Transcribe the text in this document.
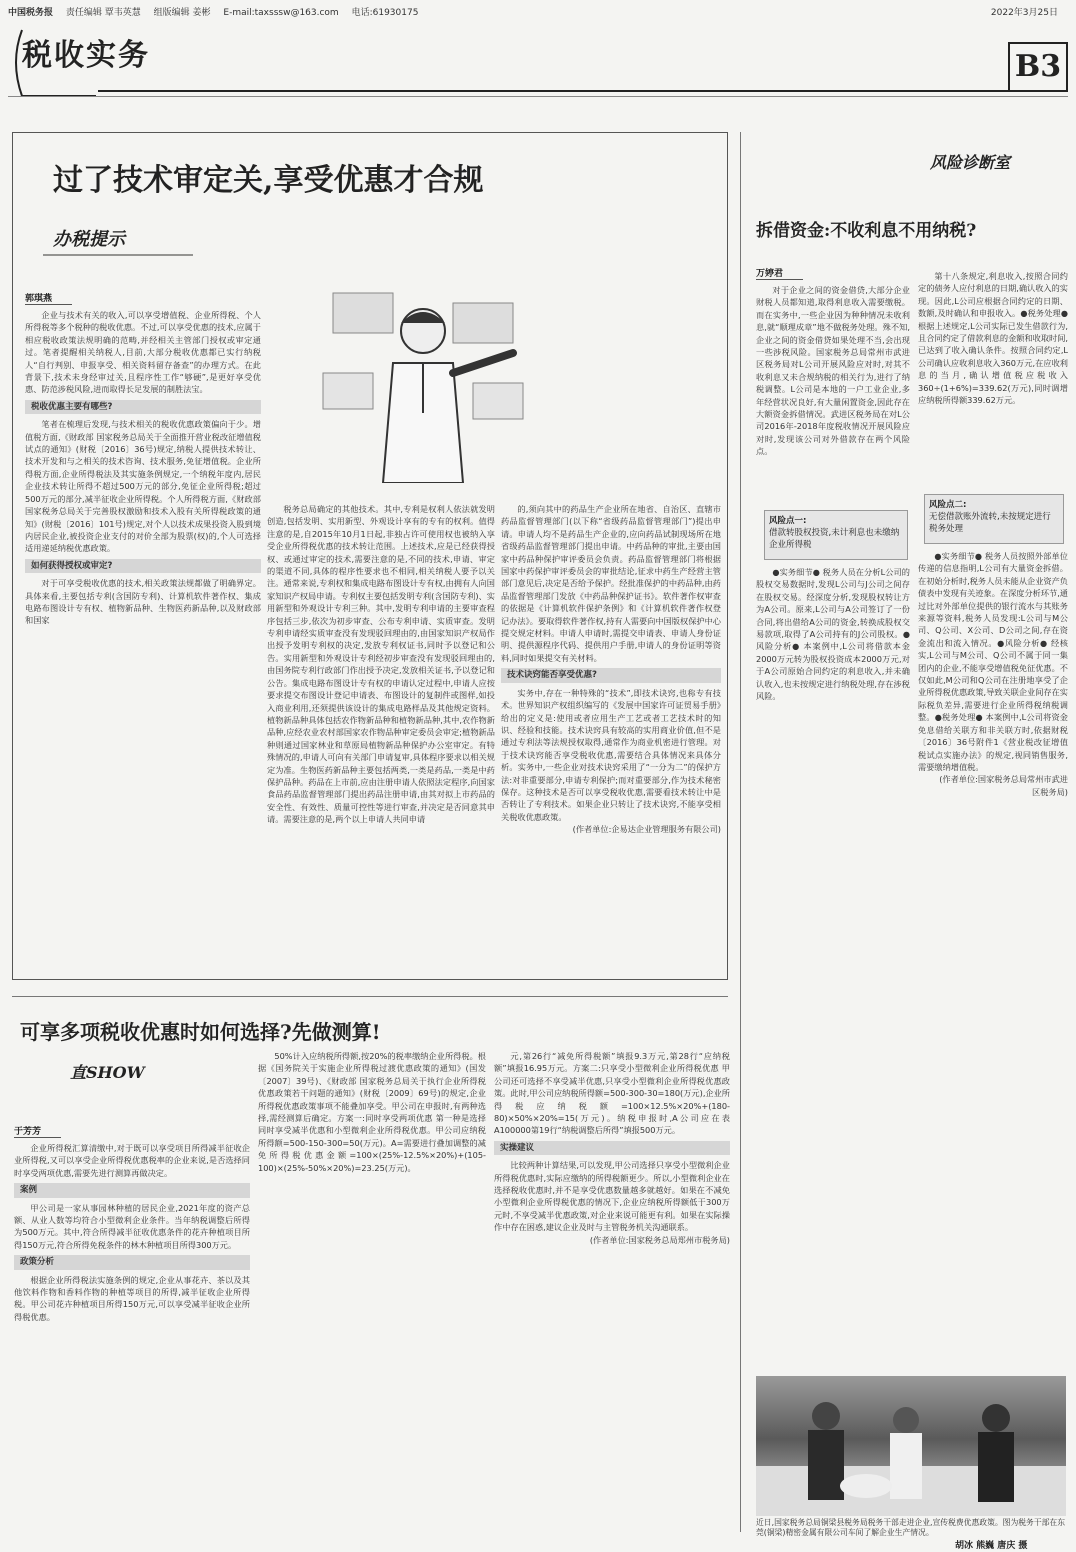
中国税务报 责任编辑 覃韦英慧 组版编辑 姜彬 E-mail:taxsssw@163.com 电话:61930175	2022年3月25日
税收实务	B3
过了技术审定关,享受优惠才合规
办税提示
郭琪燕

企业与技术有关的收入,可以享受增值税、企业所得税、个人所得税等多个税种的税收优惠。不过,可以享受优惠的技术,应属于相应税收政策法规明确的范畴,并经相关主管部门授权或审定通过。笔者提醒相关纳税人,目前,大部分税收优惠都已实行纳税人“自行判别、申报享受、相关资料留存备查”的办理方式。在此背景下,技术未身经审过关,且程序性工作“够硬”,是更好享受优惠、防范涉税风险,进而取得长足发展的制胜法宝。

税收优惠主要有哪些?

笔者在梳理后发现,与技术相关的税收优惠政策偏向于少。增值税方面,《财政部 国家税务总局关于全面推开营业税改征增值税试点的通知》(财税〔2016〕36号)规定,纳税人提供技术转让、技术开发和与之相关的技术咨询、技术服务,免征增值税。企业所得税方面,企业所得税法及其实施条例规定,一个纳税年度内,居民企业技术转让所得不超过500万元的部分,免征企业所得税;超过500万元的部分,减半征收企业所得税。个人所得税方面,《财政部 国家税务总局关于完善股权激励和技术入股有关所得税政策的通知》(财税〔2016〕101号)规定,对个人以技术成果投资入股到境内居民企业,被投资企业支付的对价全部为股票(权)的,个人可选择适用递延纳税优惠政策。

如何获得授权或审定?

对于可享受税收优惠的技术,相关政策法规都做了明确界定。具体来看,主要包括专利(含国防专利)、计算机软件著作权、集成电路布图设计专有权、植物新品种、生物医药新品种,以及财政部和国家

税务总局确定的其他技术。其中,专利是权利人依法就发明创造,包括发明、实用新型、外观设计享有的专有的权利。值得注意的是,自2015年10月1日起,非独占许可使用权也被纳入享受企业所得税优惠的技术转让范围。上述技术,应是已经获得授权、或通过审定的技术,需要注意的是,不同的技术,申请、审定的渠道不同,具体的程序性要求也不相同,相关纳税人要予以关注。通常来说,专利权和集成电路布图设计专有权,由拥有人向国家知识产权局申请。专利权主要包括发明专利(含国防专利)、实用新型和外观设计专利三种。其中,发明专利申请的主要审查程序包括三步,依次为初步审查、公布专利申请、实质审查。发明专利申请经实质审查没有发现驳回理由的,由国家知识产权局作出授予发明专利权的决定,发放专利权证书,同时予以登记和公告。实用新型和外观设计专利经初步审查没有发现驳回理由的,由国务院专利行政部门作出授予决定,发放相关证书,予以登记和公告。集成电路布图设计专有权的申请认定过程中,申请人应按要求提交布图设计登记申请表、布图设计的复制件或图样,如投入商业利用,还须提供该设计的集成电路样品及其他规定资料。植物新品种具体包括农作物新品种和植物新品种,其中,农作物新品种,应经农业农村部国家农作物品种审定委员会审定;植物新品种则通过国家林业和草原局植物新品种保护办公室审定。有特殊情况的,申请人可向有关部门申请复审,具体程序要求以相关规定为准。生物医药新品种主要包括两类,一类是药品,一类是中药保护品种。药品在上市前,应由注册申请人依照法定程序,向国家食品药品监督管理部门提出药品注册申请,由其对拟上市药品的安全性、有效性、质量可控性等进行审查,并决定是否同意其申请。需要注意的是,两个以上申请人共同申请

的,须向其中的药品生产企业所在地省、自治区、直辖市药品监督管理部门(以下称“省级药品监督管理部门”)提出申请。申请人均不是药品生产企业的,应向药品试制现场所在地省级药品监督管理部门提出申请。中药品种的审批,主要由国家中药品种保护审评委员会负责。药品监督管理部门将根据国家中药保护审评委员会的审批结论,征求中药生产经营主管部门意见后,决定是否给予保护。经批准保护的中药品种,由药品监督管理部门发放《中药品种保护证书》。软件著作权审查的依据是《计算机软件保护条例》和《计算机软件著作权登记办法》。要取得软件著作权,持有人需要向中国版权保护中心提交规定材料。申请人申请时,需提交申请表、申请人身份证明、提供源程序代码、提供用户手册,申请人的身份证明等资料,同时如果提交有关材料。

技术诀窍能否享受优惠?

实务中,存在一种特殊的“技术”,即技术诀窍,也称专有技术。世界知识产权组织编写的《发展中国家许可证贸易手册》给出的定义是:使用或者应用生产工艺或者工艺技术时的知识、经验和技能。技术诀窍具有较高的实用商业价值,但不是通过专利法等法规授权取得,通常作为商业机密进行管理。对于技术诀窍能否享受税收优惠,需要结合具体情况来具体分析。实务中,一些企业对技术诀窍采用了“一分为二”的保护方法:对非重要部分,申请专利保护;而对重要部分,作为技术秘密保存。这种技术是否可以享受税收优惠,需要看技术转让中是否转让了专利技术。如果企业只转让了技术诀窍,不能享受相关税收优惠政策。

(作者单位:企易达企业管理服务有限公司)

可享多项税收优惠时如何选择?先做测算!
直SHOW
于芳芳

企业所得税汇算清缴中,对于既可以享受项目所得减半征收企业所得税,又可以享受企业所得税优惠税率的企业来说,是否选择同时享受两项优惠,需要先进行测算再做决定。

案例

甲公司是一家从事园林种植的居民企业,2021年度的资产总额、从业人数等均符合小型微利企业条件。当年纳税调整后所得为500万元。其中,符合所得减半征收优惠条件的花卉种植项目所得150万元,符合所得免税条件的林木种植项目所得300万元。

政策分析

根据企业所得税法实施条例的规定,企业从事花卉、茶以及其他饮料作物和香料作物的种植等项目的所得,减半征收企业所得税。甲公司花卉种植项目所得150万元,可以享受减半征收企业所得税优惠。

50%计入应纳税所得额,按20%的税率缴纳企业所得税。根据《国务院关于实施企业所得税过渡优惠政策的通知》(国发〔2007〕39号)、《财政部 国家税务总局关于执行企业所得税优惠政策若干问题的通知》(财税〔2009〕69号)的规定,企业所得税优惠政策事项不能叠加享受。甲公司在申报时,有两种选择,需经测算后确定。方案一:同时享受两项优惠 第一种是选择同时享受减半优惠和小型微利企业所得税优惠。甲公司应纳税所得额=500-150-300=50(万元)。A=需要进行叠加调整的减免所得税优惠金额=100×(25%-12.5%×20%)+(105-100)×(25%-50%×20%)=23.25(万元)。

元,第26行“减免所得税额”填报9.3万元,第28行“应纳税额”填报16.95万元。方案二:只享受小型微利企业所得税优惠 甲公司还可选择不享受减半优惠,只享受小型微利企业所得税优惠政策。此时,甲公司应纳税所得额=500-300-30=180(万元),企业所得税应纳税额=100×12.5%×20%+(180-80)×50%×20%=15(万元)。纳税申报时,A公司应在表A100000第19行“纳税调整后所得”填报500万元。

实操建议

比较两种计算结果,可以发现,甲公司选择只享受小型微利企业所得税优惠时,实际应缴纳的所得税额更少。所以,小型微利企业在选择税收优惠时,并不是享受优惠数量越多就越好。如果在不减免小型微利企业所得税优惠的情况下,企业应纳税所得额低于300万元时,不享受减半优惠政策,对企业来说可能更有利。如果在实际操作中存在困惑,建议企业及时与主管税务机关沟通联系。

(作者单位:国家税务总局郑州市税务局)

风险诊断室
拆借资金:不收利息不用纳税?
万婷君

对于企业之间的资金借贷,大部分企业财税人员都知道,取得利息收入需要缴税。而在实务中,一些企业因为种种情况未收利息,就“顺理成章”地不做税务处理。殊不知,企业之间的资金借贷如果处理不当,会出现一些涉税风险。国家税务总局常州市武进区税务局对L公司开展风险应对时,对其不收利息又未合规纳税的相关行为,进行了纳税调整。L公司是本地的一户工业企业,多年经营状况良好,有大量闲置资金,因此存在大额资金拆借情况。武进区税务局在对L公司2016年-2018年度税收情况开展风险应对时,发现该公司对外借款存在两个风险点。

风险点一:
借款转股权投资,未计利息也未缴纳企业所得税

●实务细节● 税务人员在分析L公司的股权交易数据时,发现L公司与J公司之间存在股权交易。经深度分析,发现股权转让方为A公司。原来,L公司与A公司签订了一份合同,将出借给A公司的资金,转换成股权交易款项,取得了A公司持有的J公司股权。●风险分析● 本案例中,L公司将借款本金2000万元转为股权投资成本2000万元,对于A公司原始合同约定的利息收入,并未确认收入,也未按规定进行纳税处理,存在涉税风险。

第十八条规定,利息收入,按照合同约定的债务人应付利息的日期,确认收入的实现。因此,L公司应根据合同约定的日期、数额,及时确认和申报收入。●税务处理● 根据上述规定,L公司实际已发生借款行为,且合同约定了借款利息的金额和收取时间,已达到了收入确认条件。按照合同约定,L公司确认应收利息收入360万元,在应收利息的当月,确认增值税应税收入360÷(1+6%)=339.62(万元),同时调增应纳税所得额339.62万元。

风险点二:
无偿借款账外流转,未按规定进行税务处理

●实务细节● 税务人员按照外部单位传递的信息指明,L公司有大量资金拆借。在初始分析时,税务人员未能从企业资产负债表中发现有关迹象。在深度分析环节,通过比对外部单位提供的银行流水与其账务来源等资料,税务人员发现:L公司与M公司、Q公司、X公司、D公司之间,存在资金流出和流入情况。●风险分析● 经核实,L公司与M公司、Q公司不属于同一集团内的企业,不能享受增值税免征优惠。不仅如此,M公司和Q公司在注册地享受了企业所得税优惠政策,导致关联企业间存在实际税负差异,需要进行企业所得税纳税调整。●税务处理● 本案例中,L公司将资金免息借给关联方和非关联方时,依据财税〔2016〕36号附件1《营业税改征增值税试点实施办法》的规定,视同销售服务,需要缴纳增值税。

(作者单位:国家税务总局常州市武进区税务局)

近日,国家税务总局铜梁县税务局税务干部走进企业,宣传税费优惠政策。图为税务干部在东莞(铜梁)精密金属有限公司车间了解企业生产情况。
胡冰 熊巍 唐庆 摄
